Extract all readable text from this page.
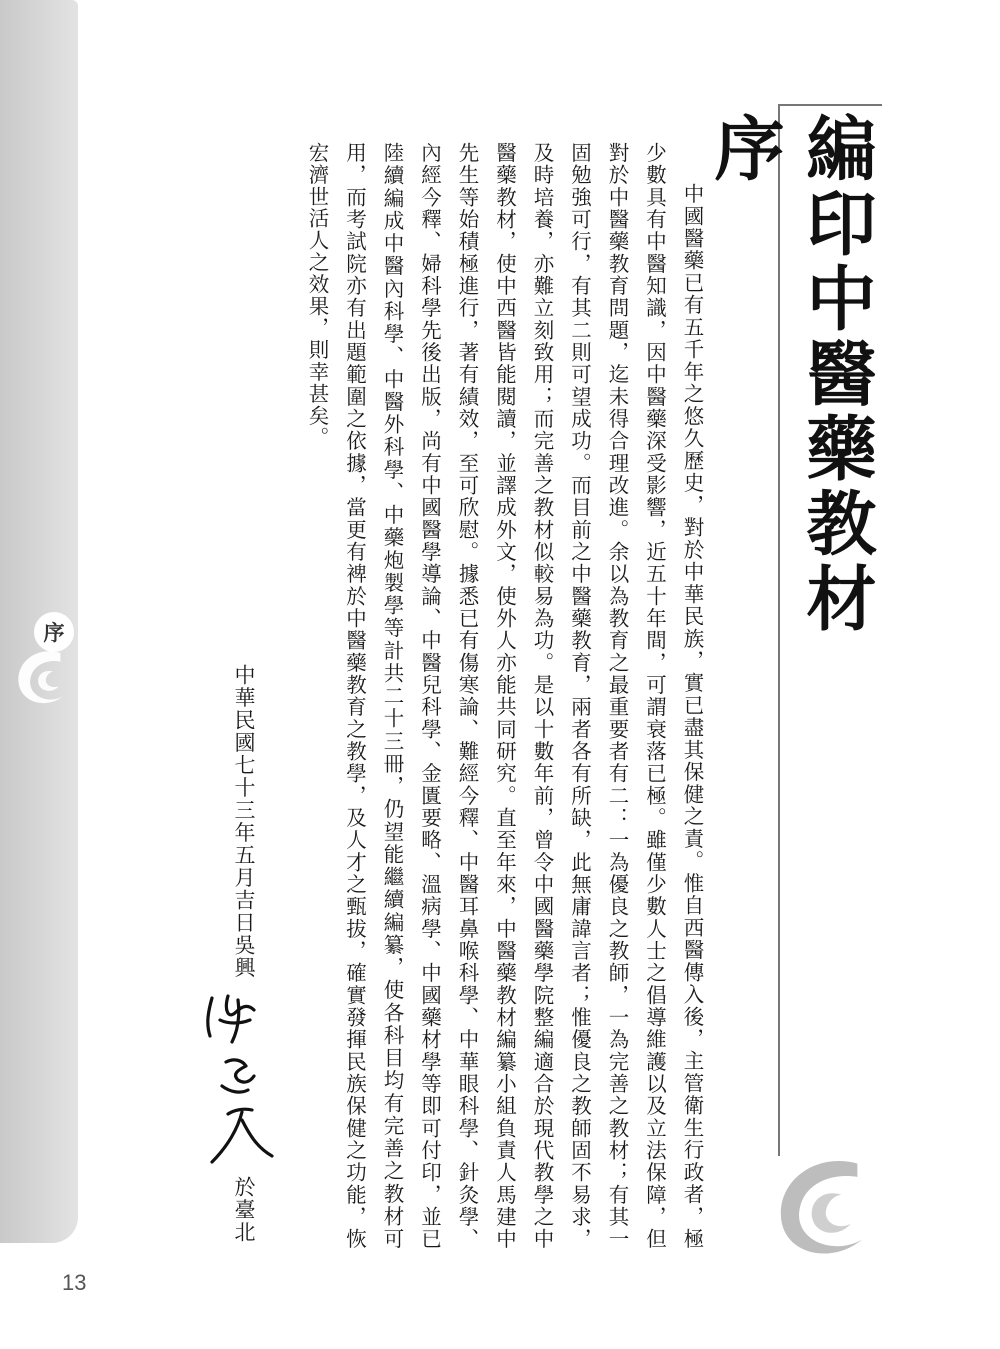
序
13
編印中醫藥教材序

中國醫藥已有五千年之悠久歷史，對於中華民族，實已盡其保健之責。惟自西醫傳入後，主管衛生行政者，極少數具有中醫知識，因中醫藥深受影響，近五十年間，可謂衰落已極。雖僅少數人士之倡導維護以及立法保障，但對於中醫藥教育問題，迄未得合理改進。余以為教育之最重要者有二：一為優良之教師，一為完善之教材；有其一固勉強可行，有其二則可望成功。而目前之中醫藥教育，兩者各有所缺，此無庸諱言者；惟優良之教師固不易求，及時培養，亦難立刻致用；而完善之教材似較易為功。是以十數年前，曾令中國醫藥學院整編適合於現代教學之中醫藥教材，使中西醫皆能閱讀，並譯成外文，使外人亦能共同研究。直至年來，中醫藥教材編纂小組負責人馬建中先生等始積極進行，著有績效，至可欣慰。據悉已有傷寒論、難經今釋、中醫耳鼻喉科學、中華眼科學、針灸學、內經今釋、婦科學先後出版，尚有中國醫學導論、中醫兒科學、金匱要略、溫病學、中國藥材學等即可付印，並已陸續編成中醫內科學、中醫外科學、中藥炮製學等計共二十三冊，仍望能繼續編纂，使各科目均有完善之教材可用，而考試院亦有出題範圍之依據，當更有裨於中醫藥教育之教學，及人才之甄拔，確實發揮民族保健之功能，恢宏濟世活人之效果，則幸甚矣。

中華民國七十三年五月吉日吳興
於臺北
